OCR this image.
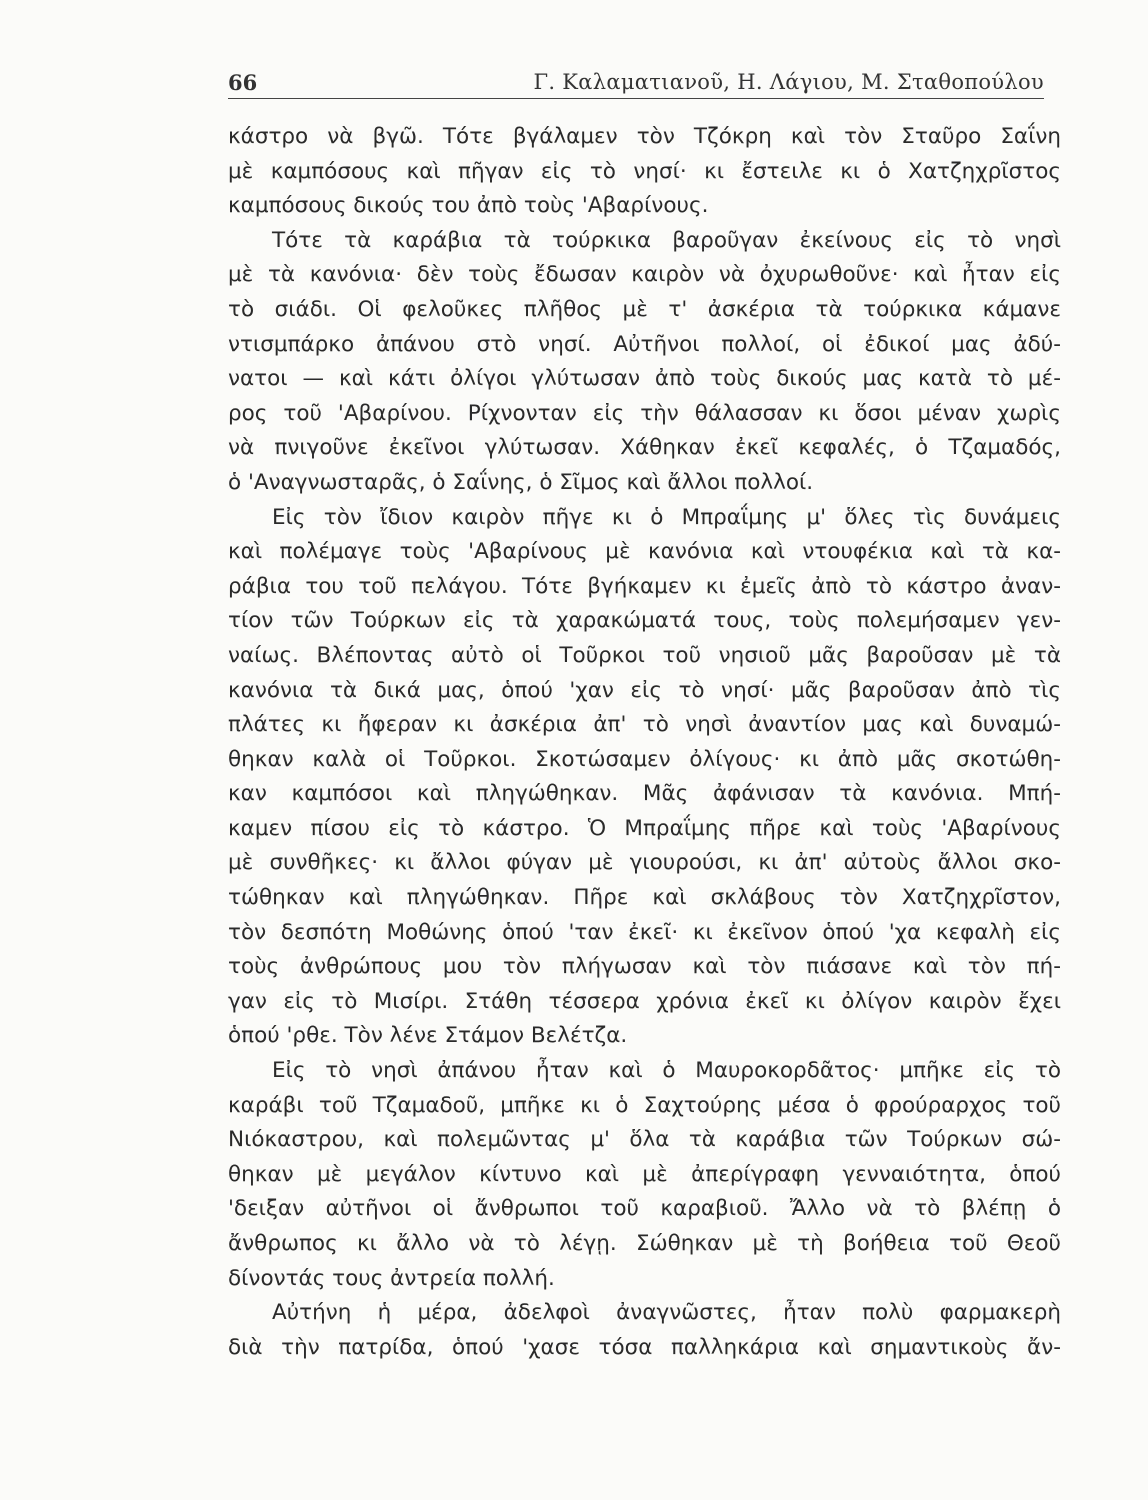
66	Γ. Καλαματιανοῦ, Η. Λάγιου, Μ. Σταθοπούλου
κάστρο νὰ βγῶ. Τότε βγάλαμεν τὸν Τζόκρη καὶ τὸν Σταῦρο Σαΐνη
μὲ καμπόσους καὶ πῆγαν εἰς τὸ νησί· κι ἔστειλε κι ὁ Χατζηχρῖστος
καμπόσους δικούς του ἀπὸ τοὺς 'Αβαρίνους.
Τότε τὰ καράβια τὰ τούρκικα βαροῦγαν ἐκείνους εἰς τὸ νησὶ
μὲ τὰ κανόνια· δὲν τοὺς ἔδωσαν καιρὸν νὰ ὀχυρωθοῦνε· καὶ ἦταν εἰς
τὸ σιάδι. Οἱ φελοῦκες πλῆθος μὲ τ' ἀσκέρια τὰ τούρκικα κάμανε
ντισμπάρκο ἀπάνου στὸ νησί. Αὐτῆνοι πολλοί, οἱ ἐδικοί μας ἀδύ-
νατοι — καὶ κάτι ὀλίγοι γλύτωσαν ἀπὸ τοὺς δικούς μας κατὰ τὸ μέ-
ρος τοῦ 'Αβαρίνου. Ρίχνονταν εἰς τὴν θάλασσαν κι ὅσοι μέναν χωρὶς
νὰ πνιγοῦνε ἐκεῖνοι γλύτωσαν. Χάθηκαν ἐκεῖ κεφαλές, ὁ Τζαμαδός,
ὁ 'Αναγνωσταρᾶς, ὁ Σαΐνης, ὁ Σῖμος καὶ ἄλλοι πολλοί.
Εἰς τὸν ἴδιον καιρὸν πῆγε κι ὁ Μπραΐμης μ' ὅλες τὶς δυνάμεις
καὶ πολέμαγε τοὺς 'Αβαρίνους μὲ κανόνια καὶ ντουφέκια καὶ τὰ κα-
ράβια του τοῦ πελάγου. Τότε βγήκαμεν κι ἐμεῖς ἀπὸ τὸ κάστρο ἀναν-
τίον τῶν Τούρκων εἰς τὰ χαρακώματά τους, τοὺς πολεμήσαμεν γεν-
ναίως. Βλέποντας αὐτὸ οἱ Τοῦρκοι τοῦ νησιοῦ μᾶς βαροῦσαν μὲ τὰ
κανόνια τὰ δικά μας, ὁπού 'χαν εἰς τὸ νησί· μᾶς βαροῦσαν ἀπὸ τὶς
πλάτες κι ἤφεραν κι ἀσκέρια ἀπ' τὸ νησὶ ἀναντίον μας καὶ δυναμώ-
θηκαν καλὰ οἱ Τοῦρκοι. Σκοτώσαμεν ὀλίγους· κι ἀπὸ μᾶς σκοτώθη-
καν καμπόσοι καὶ πληγώθηκαν. Μᾶς ἀφάνισαν τὰ κανόνια. Μπή-
καμεν πίσου εἰς τὸ κάστρο. Ὁ Μπραΐμης πῆρε καὶ τοὺς 'Αβαρίνους
μὲ συνθῆκες· κι ἄλλοι φύγαν μὲ γιουρούσι, κι ἀπ' αὐτοὺς ἄλλοι σκο-
τώθηκαν καὶ πληγώθηκαν. Πῆρε καὶ σκλάβους τὸν Χατζηχρῖστον,
τὸν δεσπότη Μοθώνης ὁπού 'ταν ἐκεῖ· κι ἐκεῖνον ὁπού 'χα κεφαλὴ εἰς
τοὺς ἀνθρώπους μου τὸν πλήγωσαν καὶ τὸν πιάσανε καὶ τὸν πή-
γαν εἰς τὸ Μισίρι. Στάθη τέσσερα χρόνια ἐκεῖ κι ὀλίγον καιρὸν ἔχει
ὁπού 'ρθε. Τὸν λένε Στάμον Βελέτζα.
Εἰς τὸ νησὶ ἀπάνου ἦταν καὶ ὁ Μαυροκορδᾶτος· μπῆκε εἰς τὸ
καράβι τοῦ Τζαμαδοῦ, μπῆκε κι ὁ Σαχτούρης μέσα ὁ φρούραρχος τοῦ
Νιόκαστρου, καὶ πολεμῶντας μ' ὅλα τὰ καράβια τῶν Τούρκων σώ-
θηκαν μὲ μεγάλον κίντυνο καὶ μὲ ἀπερίγραφη γενναιότητα, ὁπού
'δειξαν αὐτῆνοι οἱ ἄνθρωποι τοῦ καραβιοῦ. Ἄλλο νὰ τὸ βλέπῃ ὁ
ἄνθρωπος κι ἄλλο νὰ τὸ λέγῃ. Σώθηκαν μὲ τὴ βοήθεια τοῦ Θεοῦ
δίνοντάς τους ἀντρεία πολλή.
Αὐτήνη ἡ μέρα, ἀδελφοὶ ἀναγνῶστες, ἦταν πολὺ φαρμακερὴ
διὰ τὴν πατρίδα, ὁπού 'χασε τόσα παλληκάρια καὶ σημαντικοὺς ἄν-
